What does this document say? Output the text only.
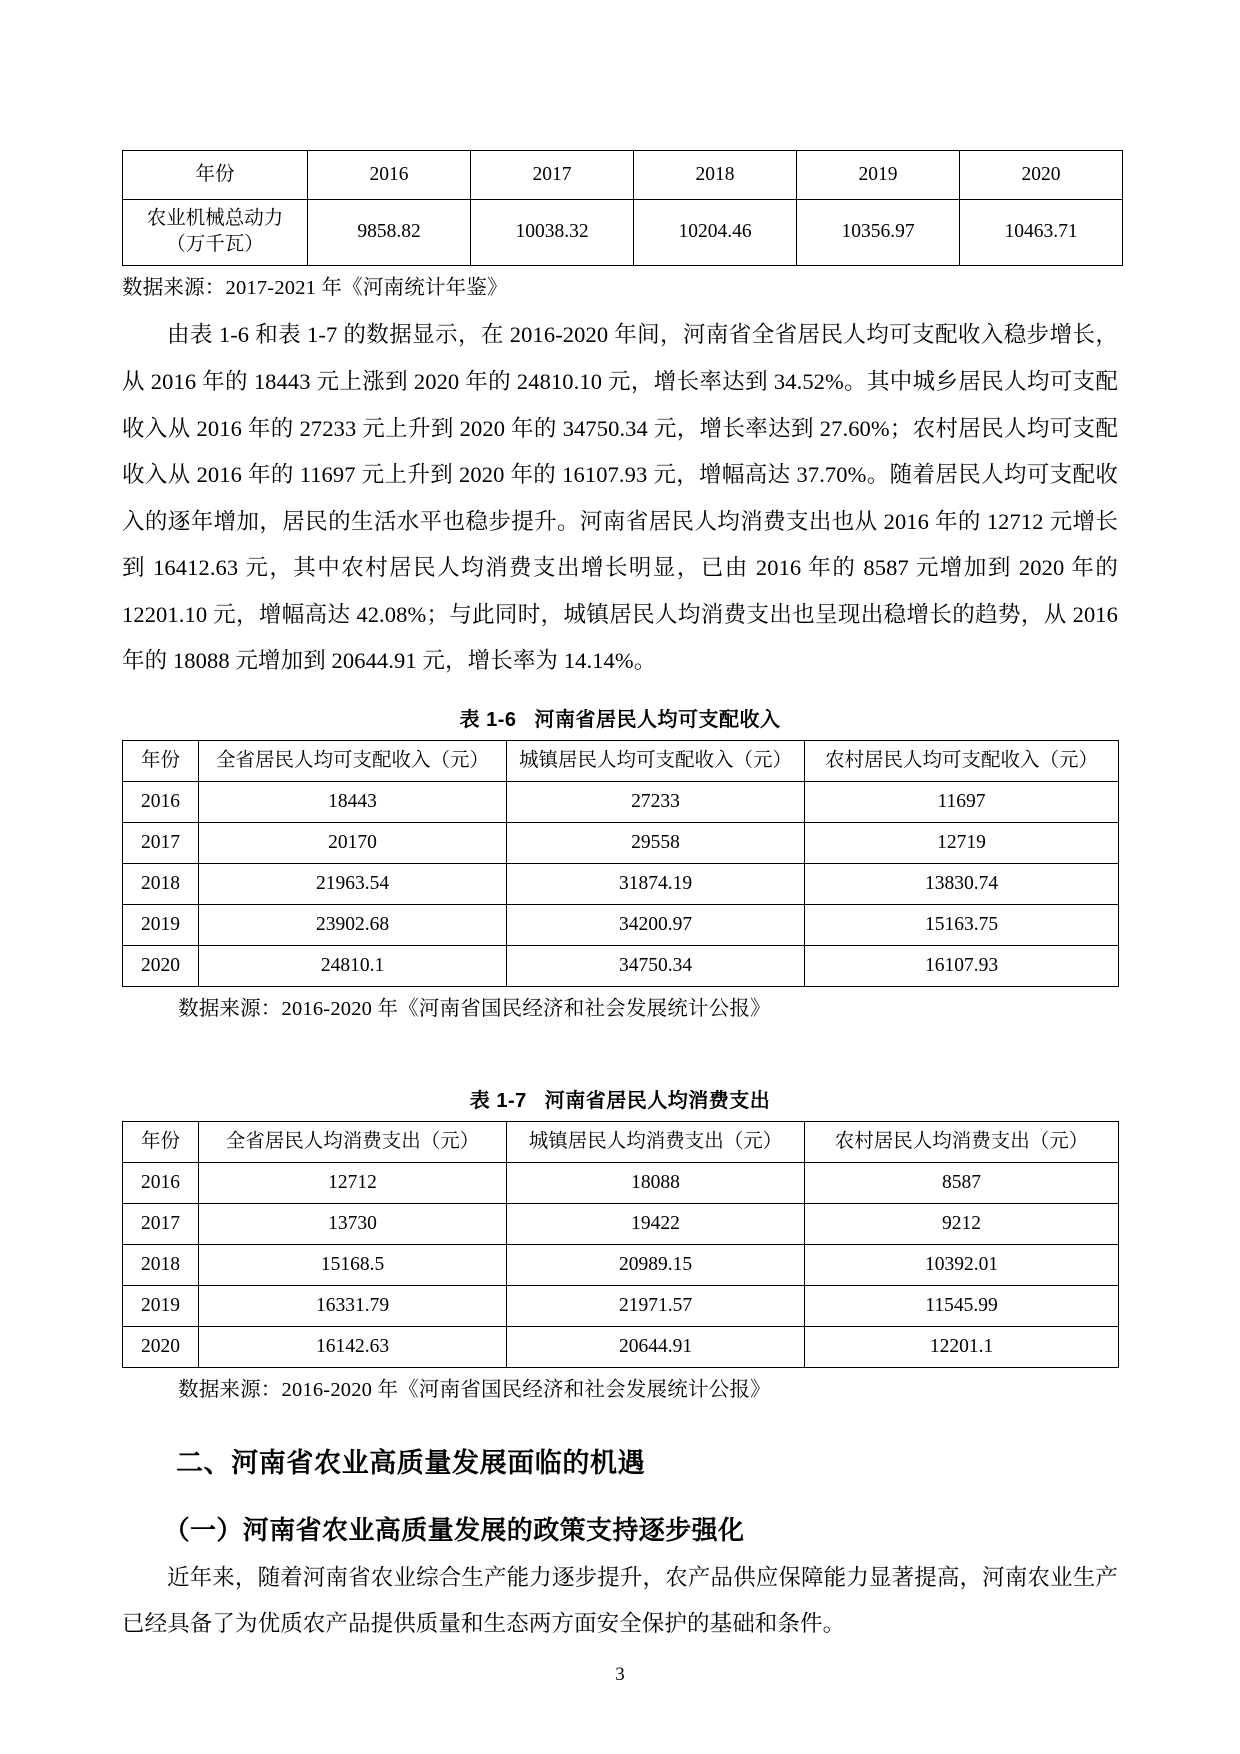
年份	2016	2017	2018	2019	2020

农业机械总动力
（万千瓦）	9858.82	10038.32	10204.46	10356.97	10463.71

数据来源：2017-2021 年《河南统计年鉴》

由表 1-6 和表 1-7 的数据显示，在 2016-2020 年间，河南省全省居民人均可支配收入稳步增长，从 2016 年的 18443 元上涨到 2020 年的 24810.10 元，增长率达到 34.52%。其中城乡居民人均可支配收入从 2016 年的 27233 元上升到 2020 年的 34750.34 元，增长率达到 27.60%；农村居民人均可支配收入从 2016 年的 11697 元上升到 2020 年的 16107.93 元，增幅高达 37.70%。随着居民人均可支配收入的逐年增加，居民的生活水平也稳步提升。河南省居民人均消费支出也从 2016 年的 12712 元增长到 16412.63 元，其中农村居民人均消费支出增长明显，已由 2016 年的 8587 元增加到 2020 年的 12201.10 元，增幅高达 42.08%；与此同时，城镇居民人均消费支出也呈现出稳增长的趋势，从 2016 年的 18088 元增加到 20644.91 元，增长率为 14.14%。

表 1-6 河南省居民人均可支配收入
年份	全省居民人均可支配收入（元）	城镇居民人均可支配收入（元）	农村居民人均可支配收入（元）
2016	18443	27233	11697
2017	20170	29558	12719
2018	21963.54	31874.19	13830.74
2019	23902.68	34200.97	15163.75
2020	24810.1	34750.34	16107.93

数据来源：2016-2020 年《河南省国民经济和社会发展统计公报》

表 1-7 河南省居民人均消费支出
年份	全省居民人均消费支出（元）	城镇居民人均消费支出（元）	农村居民人均消费支出（元）
2016	12712	18088	8587
2017	13730	19422	9212
2018	15168.5	20989.15	10392.01
2019	16331.79	21971.57	11545.99
2020	16142.63	20644.91	12201.1

数据来源：2016-2020 年《河南省国民经济和社会发展统计公报》

二、河南省农业高质量发展面临的机遇
（一）河南省农业高质量发展的政策支持逐步强化

近年来，随着河南省农业综合生产能力逐步提升，农产品供应保障能力显著提高，河南农业生产已经具备了为优质农产品提供质量和生态两方面安全保护的基础和条件。

3
